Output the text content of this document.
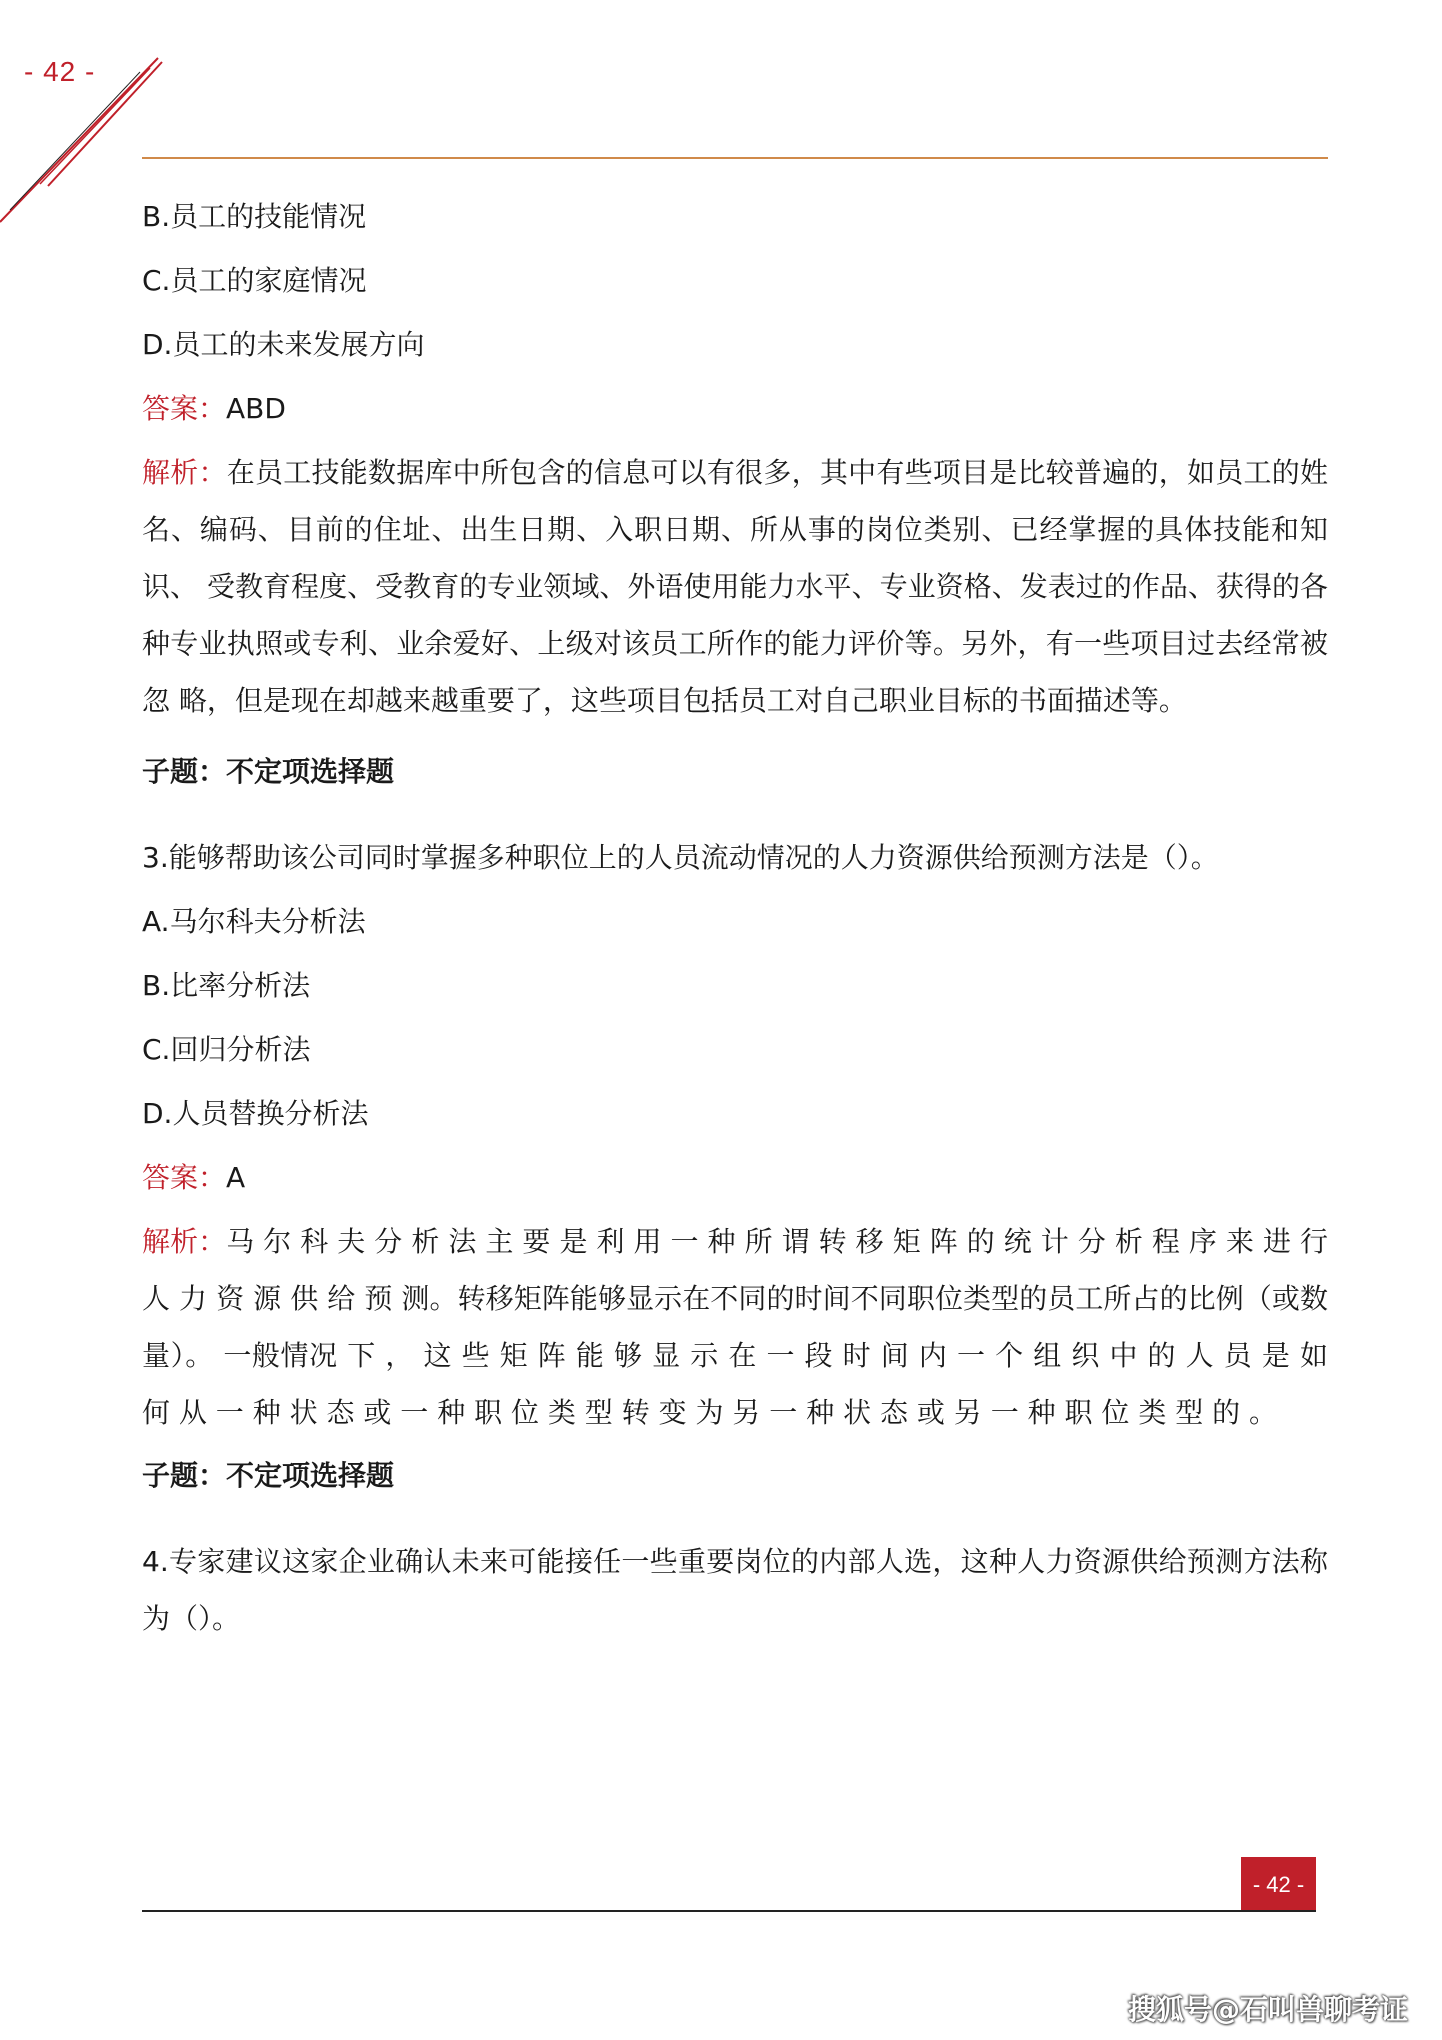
- 42 -
B.员工的技能情况
C.员工的家庭情况
D.员工的未来发展方向
答案：ABD
解析：在员工技能数据库中所包含的信息可以有很多，其中有些项目是比较普遍的，如员工的姓 名、编码、目前的住址、出生日期、入职日期、所从事的岗位类别、已经掌握的具体技能和知识、 受教育程度、受教育的专业领域、外语使用能力水平、专业资格、发表过的作品、获得的各种专业执照或专利、业余爱好、上级对该员工所作的能力评价等。另外，有一些项目过去经常被忽 略，但是现在却越来越重要了，这些项目包括员工对自己职业目标的书面描述等。
子题：不定项选择题
3.能够帮助该公司同时掌握多种职位上的人员流动情况的人力资源供给预测方法是（）。
A.马尔科夫分析法
B.比率分析法
C.回归分析法
D.人员替换分析法
答案：A
解析：马 尔 科 夫 分 析 法 主 要 是 利 用 一 种 所 谓 转 移 矩 阵 的 统 计 分 析 程 序 来 进 行 人 力 资 源 供 给 预 测。转移矩阵能够显示在不同的时间不同职位类型的员工所占的比例（或数量）。 一般情况 下 ， 这 些 矩 阵 能 够 显 示 在 一 段 时 间 内 一 个 组 织 中 的 人 员 是 如 何 从 一 种 状 态 或 一 种 职 位 类 型 转 变 为 另 一 种 状 态 或 另 一 种 职 位 类 型 的 。
子题：不定项选择题
4.专家建议这家企业确认未来可能接任一些重要岗位的内部人选，这种人力资源供给预测方法称为（）。
- 42 -
搜狐号@石叫兽聊考证
